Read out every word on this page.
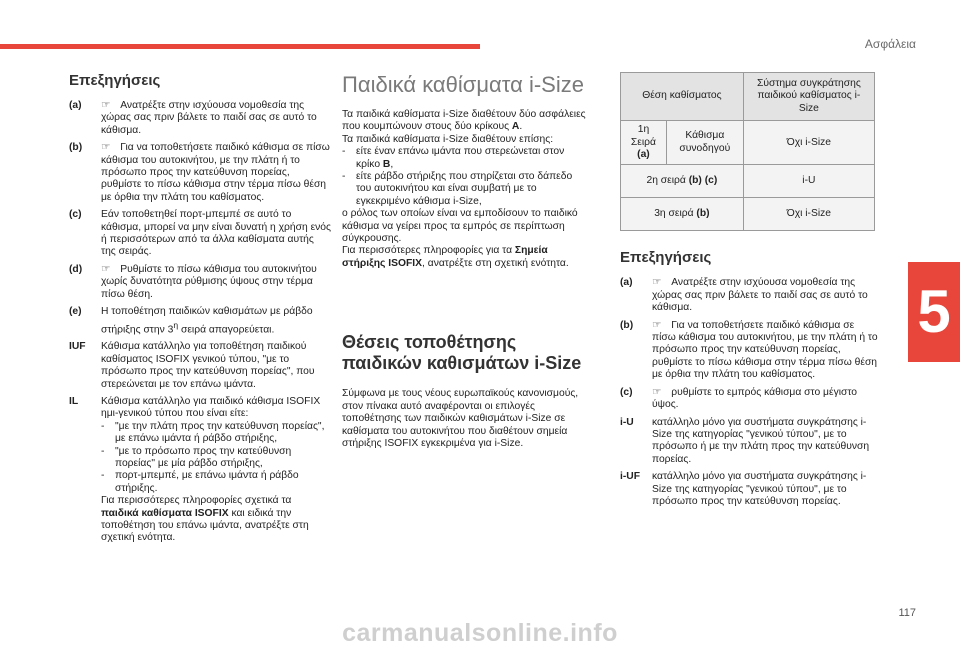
Ασφάλεια
5
117
Επεξηγήσεις
(a)	☞ Ανατρέξτε στην ισχύουσα νομοθεσία της χώρας σας πριν βάλετε το παιδί σας σε αυτό το κάθισμα.
(b)	☞ Για να τοποθετήσετε παιδικό κάθισμα σε πίσω κάθισμα του αυτοκινήτου, με την πλάτη ή το πρόσωπο προς την κατεύθυνση πορείας, ρυθμίστε το πίσω κάθισμα στην τέρμα πίσω θέση με όρθια την πλάτη του καθίσματος.
(c)	Εάν τοποθετηθεί πορτ-μπεμπέ σε αυτό το κάθισμα, μπορεί να μην είναι δυνατή η χρήση ενός ή περισσότερων από τα άλλα καθίσματα αυτής της σειράς.
(d)	☞ Ρυθμίστε το πίσω κάθισμα του αυτοκινήτου χωρίς δυνατότητα ρύθμισης ύψους στην τέρμα πίσω θέση.
(e)	Η τοποθέτηση παιδικών καθισμάτων με ράβδο στήριξης στην $3^\eta$ σειρά απαγορεύεται.
IUF	Κάθισμα κατάλληλο για τοποθέτηση παιδικού καθίσματος ISOFIX γενικού τύπου, "με το πρόσωπο προς την κατεύθυνση πορείας", που στερεώνεται με τον επάνω ιμάντα.
IL	Κάθισμα κατάλληλο για παιδικό κάθισμα ISOFIX ημι-γενικού τύπου που είναι είτε:
-	"με την πλάτη προς την κατεύθυνση πορείας", με επάνω ιμάντα ή ράβδο στήριξης,
-	"με το πρόσωπο προς την κατεύθυνση πορείας" με μία ράβδο στήριξης,
-	πορτ-μπεμπέ, με επάνω ιμάντα ή ράβδο στήριξης.
Για περισσότερες πληροφορίες σχετικά τα παιδικά καθίσματα ISOFIX και ειδικά την τοποθέτηση του επάνω ιμάντα, ανατρέξτε στη σχετική ενότητα.
Παιδικά καθίσματα i-Size
Τα παιδικά καθίσματα i-Size διαθέτουν δύο ασφάλειες που κουμπώνουν στους δύο κρίκους A.
Τα παιδικά καθίσματα i-Size διαθέτουν επίσης:
-	είτε έναν επάνω ιμάντα που στερεώνεται στον κρίκο B,
-	είτε ράβδο στήριξης που στηρίζεται στο δάπεδο του αυτοκινήτου και είναι συμβατή με το εγκεκριμένο κάθισμα i-Size,
ο ρόλος των οποίων είναι να εμποδίσουν το παιδικό κάθισμα να γείρει προς τα εμπρός σε περίπτωση σύγκρουσης.
Για περισσότερες πληροφορίες για τα Σημεία στήριξης ISOFIX, ανατρέξτε στη σχετική ενότητα.
Θέσεις τοποθέτησης παιδικών καθισμάτων i-Size
Σύμφωνα με τους νέους ευρωπαϊκούς κανονισμούς, στον πίνακα αυτό αναφέρονται οι επιλογές τοποθέτησης των παιδικών καθισμάτων i-Size σε καθίσματα του αυτοκινήτου που διαθέτουν σημεία στήριξης ISOFIX εγκεκριμένα για i-Size.
Θέση καθίσματος		Σύστημα συγκράτησης παιδικού καθίσματος i-Size
1η Σειρά (a)	Κάθισμα συνοδηγού	Όχι i-Size
2η σειρά (b) (c)		i-U
3η σειρά (b)		Όχι i-Size
Επεξηγήσεις
(a)	☞ Ανατρέξτε στην ισχύουσα νομοθεσία της χώρας σας πριν βάλετε το παιδί σας σε αυτό το κάθισμα.
(b)	☞ Για να τοποθετήσετε παιδικό κάθισμα σε πίσω κάθισμα του αυτοκινήτου, με την πλάτη ή το πρόσωπο προς την κατεύθυνση πορείας, ρυθμίστε το πίσω κάθισμα στην τέρμα πίσω θέση με όρθια την πλάτη του καθίσματος.
(c)	☞ ρυθμίστε το εμπρός κάθισμα στο μέγιστο ύψος.
i-U	κατάλληλο μόνο για συστήματα συγκράτησης i-Size της κατηγορίας "γενικού τύπου", με το πρόσωπο ή με την πλάτη προς την κατεύθυνση πορείας.
i-UF	κατάλληλο μόνο για συστήματα συγκράτησης i-Size της κατηγορίας "γενικού τύπου", με το πρόσωπο προς την κατεύθυνση πορείας.
carmanualsonline.info
